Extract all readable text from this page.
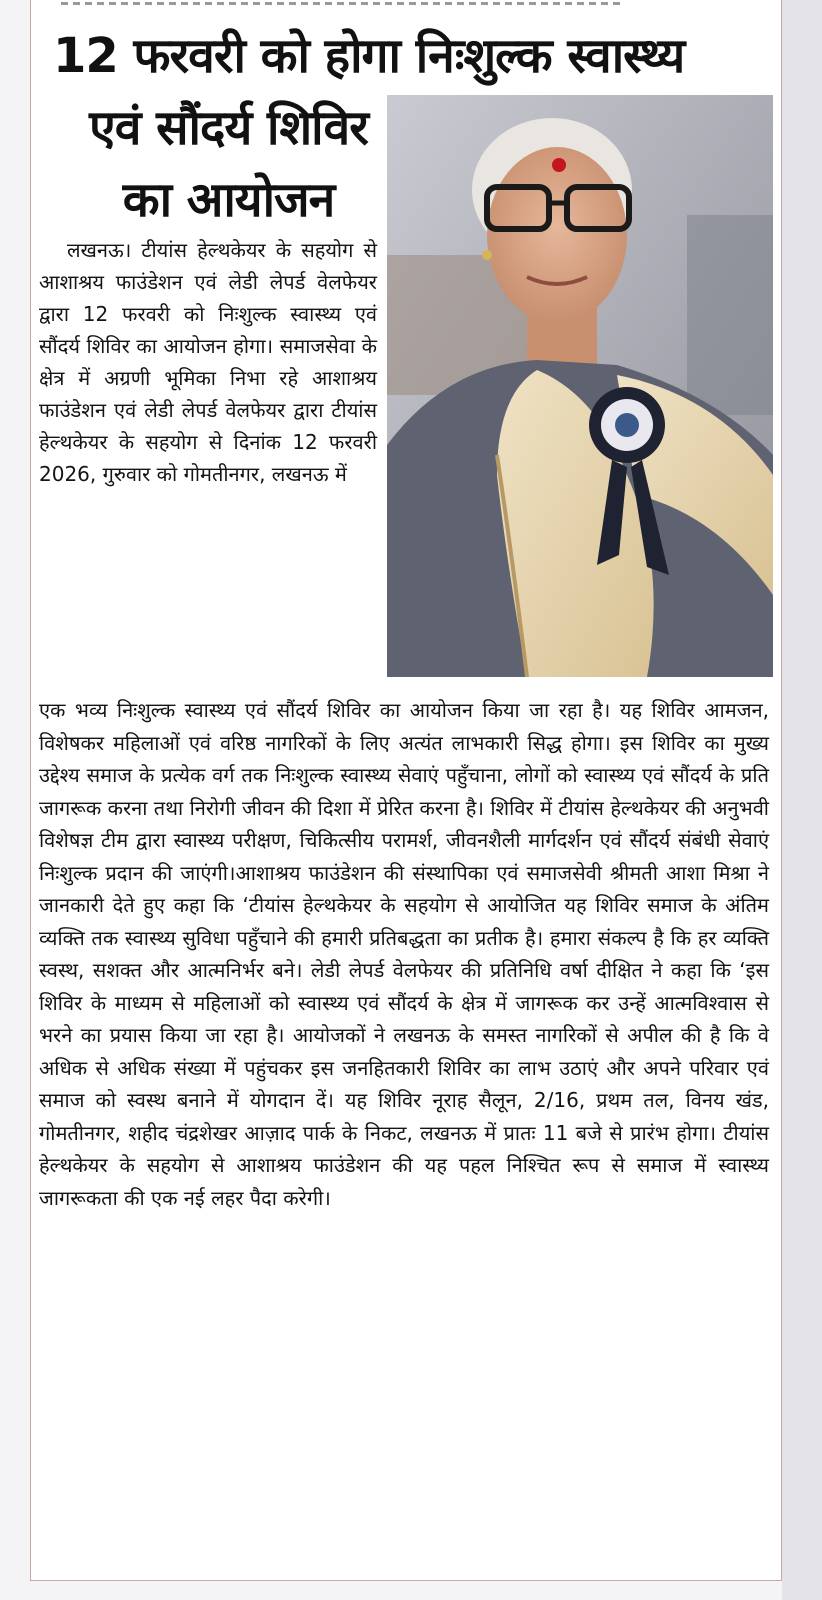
12 फरवरी को होगा निःशुल्क स्वास्थ्य
एवं सौंदर्य शिविर
का आयोजन

लखनऊ। टीयांस हेल्थकेयर के सहयोग से आशाश्रय फाउंडेशन एवं लेडी लेपर्ड वेलफेयर द्वारा 12 फरवरी को निःशुल्क स्वास्थ्य एवं सौंदर्य शिविर का आयोजन होगा। समाजसेवा के क्षेत्र में अग्रणी भूमिका निभा रहे आशाश्रय फाउंडेशन एवं लेडी लेपर्ड वेलफेयर द्वारा टीयांस हेल्थकेयर के सहयोग से दिनांक 12 फरवरी 2026, गुरुवार को गोमतीनगर, लखनऊ में

एक भव्य निःशुल्क स्वास्थ्य एवं सौंदर्य शिविर का आयोजन किया जा रहा है। यह शिविर आमजन, विशेषकर महिलाओं एवं वरिष्ठ नागरिकों के लिए अत्यंत लाभकारी सिद्ध होगा। इस शिविर का मुख्य उद्देश्य समाज के प्रत्येक वर्ग तक निःशुल्क स्वास्थ्य सेवाएं पहुँचाना, लोगों को स्वास्थ्य एवं सौंदर्य के प्रति जागरूक करना तथा निरोगी जीवन की दिशा में प्रेरित करना है। शिविर में टीयांस हेल्थकेयर की अनुभवी विशेषज्ञ टीम द्वारा स्वास्थ्य परीक्षण, चिकित्सीय परामर्श, जीवनशैली मार्गदर्शन एवं सौंदर्य संबंधी सेवाएं निःशुल्क प्रदान की जाएंगी।आशाश्रय फाउंडेशन की संस्थापिका एवं समाजसेवी श्रीमती आशा मिश्रा ने जानकारी देते हुए कहा कि ‘टीयांस हेल्थकेयर के सहयोग से आयोजित यह शिविर समाज के अंतिम व्यक्ति तक स्वास्थ्य सुविधा पहुँचाने की हमारी प्रतिबद्धता का प्रतीक है। हमारा संकल्प है कि हर व्यक्ति स्वस्थ, सशक्त और आत्मनिर्भर बने। लेडी लेपर्ड वेलफेयर की प्रतिनिधि वर्षा दीक्षित ने कहा कि ‘इस शिविर के माध्यम से महिलाओं को स्वास्थ्य एवं सौंदर्य के क्षेत्र में जागरूक कर उन्हें आत्मविश्वास से भरने का प्रयास किया जा रहा है। आयोजकों ने लखनऊ के समस्त नागरिकों से अपील की है कि वे अधिक से अधिक संख्या में पहुंचकर इस जनहितकारी शिविर का लाभ उठाएं और अपने परिवार एवं समाज को स्वस्थ बनाने में योगदान दें। यह शिविर नूराह सैलून, 2/16, प्रथम तल, विनय खंड, गोमतीनगर, शहीद चंद्रशेखर आज़ाद पार्क के निकट, लखनऊ में प्रातः 11 बजे से प्रारंभ होगा। टीयांस हेल्थकेयर के सहयोग से आशाश्रय फाउंडेशन की यह पहल निश्चित रूप से समाज में स्वास्थ्य जागरूकता की एक नई लहर पैदा करेगी।
